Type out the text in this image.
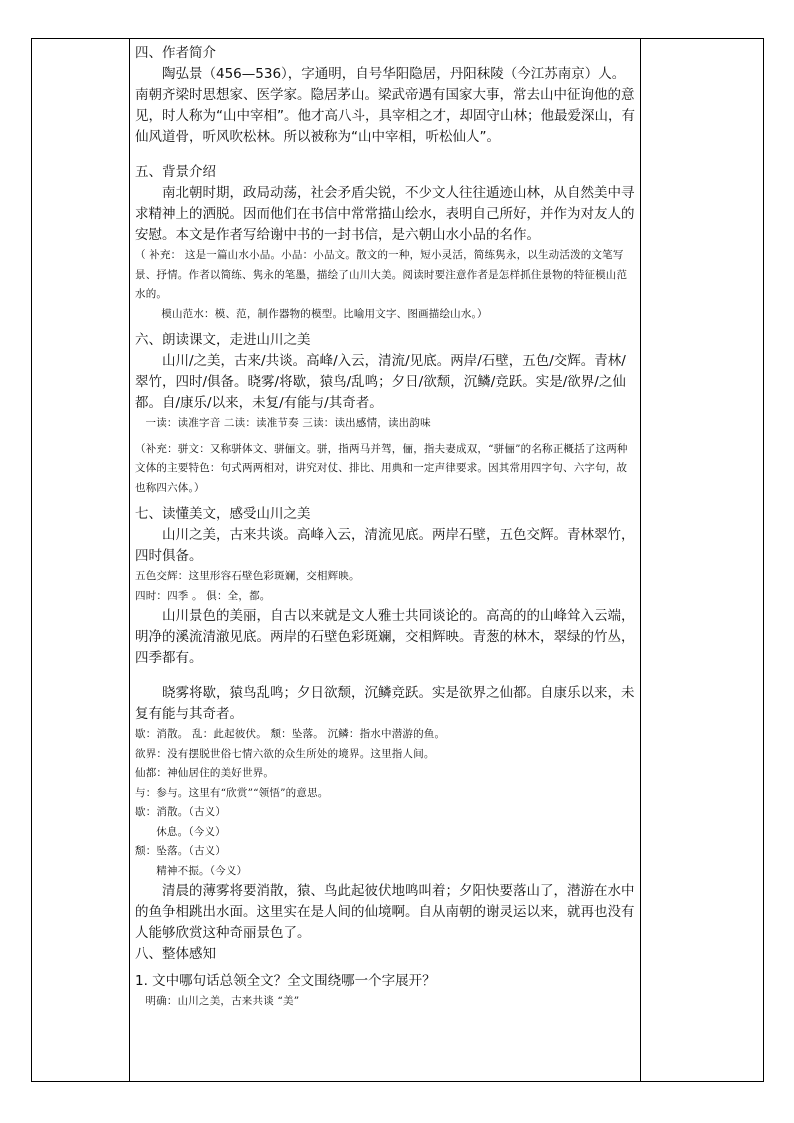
四、作者简介

陶弘景（456—536），字通明，自号华阳隐居，丹阳秣陵（今江苏南京）人。南朝齐梁时思想家、医学家。隐居茅山。梁武帝遇有国家大事，常去山中征询他的意见，时人称为“山中宰相”。他才高八斗，具宰相之才，却固守山林；他最爱深山，有仙风道骨，听风吹松林。所以被称为“山中宰相，听松仙人”。

五、背景介绍

南北朝时期，政局动荡，社会矛盾尖锐，不少文人往往遁迹山林，从自然美中寻求精神上的洒脱。因而他们在书信中常常描山绘水，表明自己所好，并作为对友人的安慰。本文是作者写给谢中书的一封书信，是六朝山水小品的名作。

（ 补充： 这是一篇山水小品。小品：小品文。散文的一种，短小灵活，简练隽永，以生动活泼的文笔写景、抒情。作者以简练、隽永的笔墨，描绘了山川大美。阅读时要注意作者是怎样抓住景物的特征模山范水的。

模山范水：模、范，制作器物的模型。比喻用文字、图画描绘山水。）

六、朗读课文，走进山川之美

山川/之美，古来/共谈。高峰/入云，清流/见底。两岸/石壁，五色/交辉。青林/翠竹，四时/俱备。晓雾/将歇，猿鸟/乱鸣；夕日/欲颓，沉鳞/竞跃。实是/欲界/之仙都。自/康乐/以来，未复/有能与/其奇者。

一读：读准字音 二读：读准节奏 三读：读出感情，读出韵味

（补充：骈文：又称骈体文、骈俪文。骈，指两马并驾，俪，指夫妻成双，“骈俪”的名称正概括了这两种文体的主要特色：句式两两相对，讲究对仗、排比、用典和一定声律要求。因其常用四字句、六字句，故也称四六体。）

七、读懂美文，感受山川之美

山川之美，古来共谈。高峰入云，清流见底。两岸石壁，五色交辉。青林翠竹，四时俱备。

五色交辉：这里形容石壁色彩斑斓，交相辉映。

四时：四季 。 俱：全，都。

山川景色的美丽，自古以来就是文人雅士共同谈论的。高高的的山峰耸入云端，明净的溪流清澈见底。两岸的石壁色彩斑斓，交相辉映。青葱的林木，翠绿的竹丛，四季都有。

晓雾将歇，猿鸟乱鸣；夕日欲颓，沉鳞竞跃。实是欲界之仙都。自康乐以来，未复有能与其奇者。

歇：消散。 乱：此起彼伏。 颓：坠落。 沉鳞：指水中潜游的鱼。

欲界：没有摆脱世俗七情六欲的众生所处的境界。这里指人间。

仙都：神仙居住的美好世界。

与：参与。这里有“欣赏”“领悟”的意思。

歇：消散。（古义）

休息。（今义）

颓：坠落。（古义）

精神不振。（今义）

清晨的薄雾将要消散，猿、鸟此起彼伏地鸣叫着；夕阳快要落山了，潜游在水中的鱼争相跳出水面。这里实在是人间的仙境啊。自从南朝的谢灵运以来，就再也没有人能够欣赏这种奇丽景色了。

八、整体感知

1. 文中哪句话总领全文？全文围绕哪一个字展开？

明确：山川之美，古来共谈 “美”
